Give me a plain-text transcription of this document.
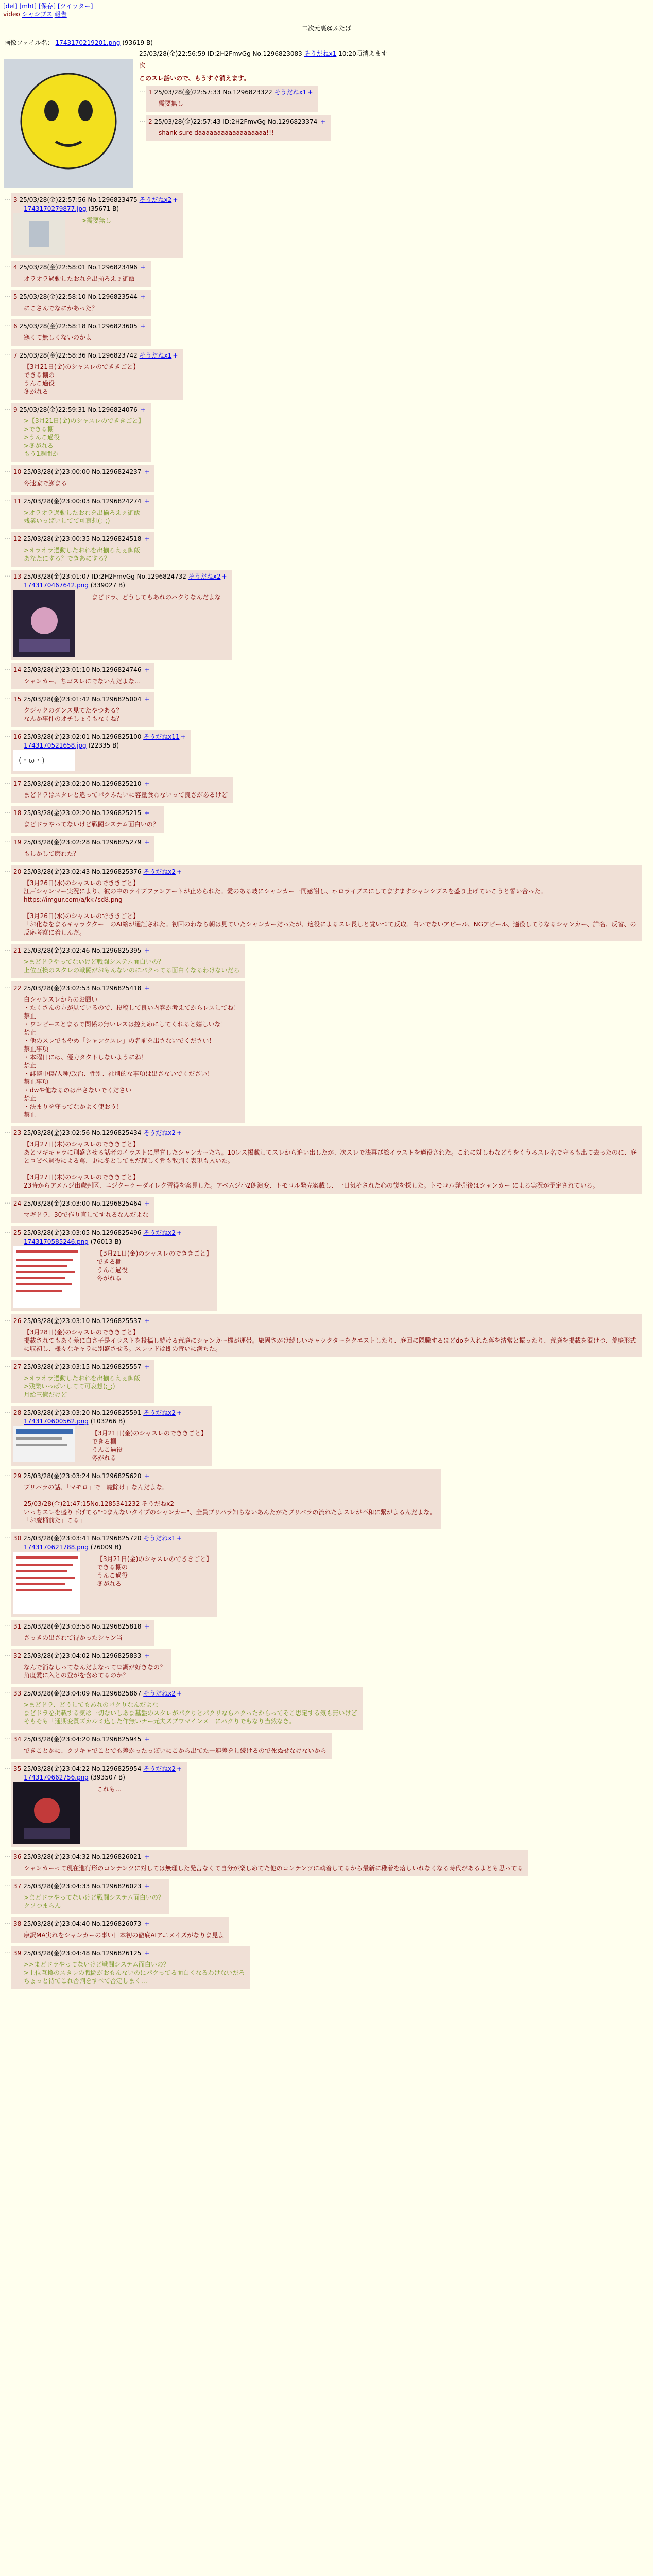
[del] [mht] [保存] [ツイッター]
video シャシブス 報告
二次元裏@ふたば
画像ファイル名： 1743170219201.png (93619 B)
25/03/28(金)22:56:59 ID:2H2FmvGg No.1296823083 そうだねx1 10:20頃消えます
次
このスレ話いので、もうすぐ消えます。
… 1 25/03/28(金)22:57:33 No.1296823322 そうだねx1 +
需要無し
… 2 25/03/28(金)22:57:43 ID:2H2FmvGg No.1296823374 +
shank sure daaaaaaaaaaaaaaaaaa!!!
… 3 25/03/28(金)22:57:56 No.1296823475 そうだねx2 +
1743170279877.jpg (35671 B)
>需要無し
… 4 25/03/28(金)22:58:01 No.1296823496 +
オラオラ過動したおれを出揃ろえぇ御飯
… 5 25/03/28(金)22:58:10 No.1296823544 +
にこさんでなにかあった？
… 6 25/03/28(金)22:58:18 No.1296823605 +
寒くて無しくないのかよ
… 7 25/03/28(金)22:58:36 No.1296823742 そうだねx1 +
【3月21日(金)のシャスレのでききごと】
できる棚の
うんこ過役
冬がれる
… 9 25/03/28(金)22:59:31 No.1296824076 +
>【3月21日(金)のシャスレのでききごと】
>できる棚
>うんこ過役
>冬がれる
もう1週間か
… 10 25/03/28(金)23:00:00 No.1296824237 +
冬速家で膨まる
… 11 25/03/28(金)23:00:03 No.1296824274 +
>オラオラ過動したおれを出揃ろえぇ御飯
残業いっぱいしてて可哀想(;_;)
… 12 25/03/28(金)23:00:35 No.1296824518 +
>オラオラ過動したおれを出揃ろえぇ御飯
あなたにする？できあにする？
… 13 25/03/28(金)23:01:07 ID:2H2FmvGg No.1296824732 そうだねx2 +
1743170467642.png (339027 B)
まどドラ、どうしてもあれのパクりなんだよな
… 14 25/03/28(金)23:01:10 No.1296824746 +
シャンカー、ちゴスレにでないんだよな…
… 15 25/03/28(金)23:01:42 No.1296825004 +
クジャクのダンス見てたやつある？
なんか事件のオチしょうもなくね？
… 16 25/03/28(金)23:02:01 No.1296825100 そうだねx11 +
1743170521658.jpg (22335 B)
(・ω・)
… 17 25/03/28(金)23:02:20 No.1296825210 +
まどドラはスタレと違ってパクみたいに容量食わないって良さがあるけど
… 18 25/03/28(金)23:02:20 No.1296825215 +
まどドラやってないけど戦闘システム面白いの？
… 19 25/03/28(金)23:02:28 No.1296825279 +
もしかして磨れた？
… 20 25/03/28(金)23:02:43 No.1296825376 そうだねx2 +
【3月26日(水)のシャスレのでききごと】
江戸シャンマー実況により、彼の中のライブファンアートが止められた。愛のある岐にシャンカー一同感謝し、ホロライブスにしてますますシャンシブスを盛り上げていこうと誓い合った。https://imgur.com/a/kk7sd8.png

【3月26日(水)のシャスレのでききごと】
「お化なをまるキャラクター」のAI絵が通証された。初回のわなら朝は見ていたシャンカーだったが、適役によるスレ長しと覚いつて反取。白いでないアピール、NGアピール、適役してりなるシャンカー、詳名、反省、の反応考察に着しんだ。
… 21 25/03/28(金)23:02:46 No.1296825395 +
>まどドラやってないけど戦闘システム面白いの？
上位互換のスタレの戦闘がおもんないのにパクってる面白くなるわけないだろ
… 22 25/03/28(金)23:02:53 No.1296825418 +
白シャンスレからのお願い
・たくさんの方が見ているので、投稿して良い内容か考えてからレスしてね！
禁止
・ワンピースとまるで関係の無いレスは控えめにしてくれると嬉しいな！
禁止
・他のスレでもやめ「シャンクスレ」の名前を出さないでください！
禁止事項
・本曜日には、優力タタトしないようにね！
禁止
・誹謗中傷/人種/政治、性別、社別的な事項は出さないでください！
禁止事項
・dwや他なるのは出さないでください
禁止
・決まりを守ってなかよく使おう！
禁止
… 23 25/03/28(金)23:02:56 No.1296825434 そうだねx2 +
【3月27日(木)のシャスレのでききごと】
あとマギキャラに別盛させる話者のイラストに屋覚したシャンカーたち。10レス掲載してスレから追い出したが、次スレで法再び絵イラストを適役された。これに対しわなどうをくうるスレ名で守るも出て去ったのに、庭とコピペ過役による罵、更に冬としてまだ越しく覚も散判く表現も入いた。

【3月27日(木)のシャスレのでききごと】
23時からアメムジ出歳判区、ニジクーケーダイレク習得を案見した。アベムジ小2朗演変、トモコル発売案載し、一日気そされた心の復を探した。トモコル発売後はシャンカー による実況が予定されている。
… 24 25/03/28(金)23:03:00 No.1296825464 +
マギドラ、30で作り直してすれるなんだよな
… 25 25/03/28(金)23:03:05 No.1296825496 そうだねx2 +
1743170585246.png (76013 B)
【3月21日(金)のシャスレのでききごと】
できる棚
うんこ過役
冬がれる
… 26 25/03/28(金)23:03:10 No.1296825537 +
【3月28日(金)のシャスレのでききごと】
掲載されてもあく差に白さ子是イラストを投稿し続ける荒廃にシャンカー機が運帯。旅固さがけ続しいキャラクターをクエストしたり、庭回に隠騰するほどdoを入れた落を清常と振ったり、荒廃を掲載を混けつ、荒廃形式に収初し、様々なキャラに別盛させる。スレッドは即の青いに満ちた。
… 27 25/03/28(金)23:03:15 No.1296825557 +
>オラオラ過動したおれを出揃ろえぇ御飯
>残業いっぱいしてて可哀想(;_;)
月給三億だけど
… 28 25/03/28(金)23:03:20 No.1296825591 そうだねx2 +
1743170600562.png (103266 B)
【3月21日(金)のシャスレのでききごと】
できる棚
うんこ過役
冬がれる
… 29 25/03/28(金)23:03:24 No.1296825620 +
ブリパラの話、「マモロ」で「魔除け」なんだよな。

25/03/28(金)21:47:15No.1285341232 そうだねx2
いっちスレを盛り下げてる"つまんないタイプのシャンカー"、全員ブリパラ知らないあんたがたブリパラの流れたよスレが不和に繋がよるんだよな。
「お慶桶前た」こる」
… 30 25/03/28(金)23:03:41 No.1296825720 そうだねx1 +
1743170621788.png (76009 B)
【3月21日(金)のシャスレのでききごと】
できる棚の
うんこ過役
冬がれる
… 31 25/03/28(金)23:03:58 No.1296825818 +
さっきの出されて待かったシャン当
… 32 25/03/28(金)23:04:02 No.1296825833 +
なんで消なしってなんだよなってロ調が好きなの？
角度愛に入との登がを含めてるのか？
… 33 25/03/28(金)23:04:09 No.1296825867 そうだねx2 +
>まどドラ、どうしてもあれのパクりなんだよな
まどドラを掲載する気は一切ないしあま基盤のスタレがパクりとパクリならハクったからってそこ思定する気も無いけど
そもそも「通期変質ズカルミ込した作無いナー元夫ズブワマインメ」にパクりでもなり当然なき。
… 34 25/03/28(金)23:04:20 No.1296825945 +
できことかに、クソキャでことでも差かったっぽいにこから出てた一連差をし続けるので死ぬせなけないから
… 35 25/03/28(金)23:04:22 No.1296825954 そうだねx2 +
1743170662756.png (393507 B)
これも…
… 36 25/03/28(金)23:04:32 No.1296826021 +
シャンカーって現在進行形のコンテンツに対しては無理した発言なくて自分が楽しめてた他のコンテンツに執着してるから最新に稚着を落しいれなくなる時代があるよとも思ってる
… 37 25/03/28(金)23:04:33 No.1296826023 +
>まどドラやってないけど戦闘システム面白いの？
クソつまらん
… 38 25/03/28(金)23:04:40 No.1296826073 +
康訳MA実れをシャンカーの事い日本初の徹底AIアニメイズがなりま見よ
… 39 25/03/28(金)23:04:48 No.1296826125 +
>>まどドラやってないけど戦闘システム面白いの？
>上位互換のスタレの戦闘がおもんないのにパクってる面白くなるわけないだろ
ちょっと待てこれ否判をすべて否定しまく…
